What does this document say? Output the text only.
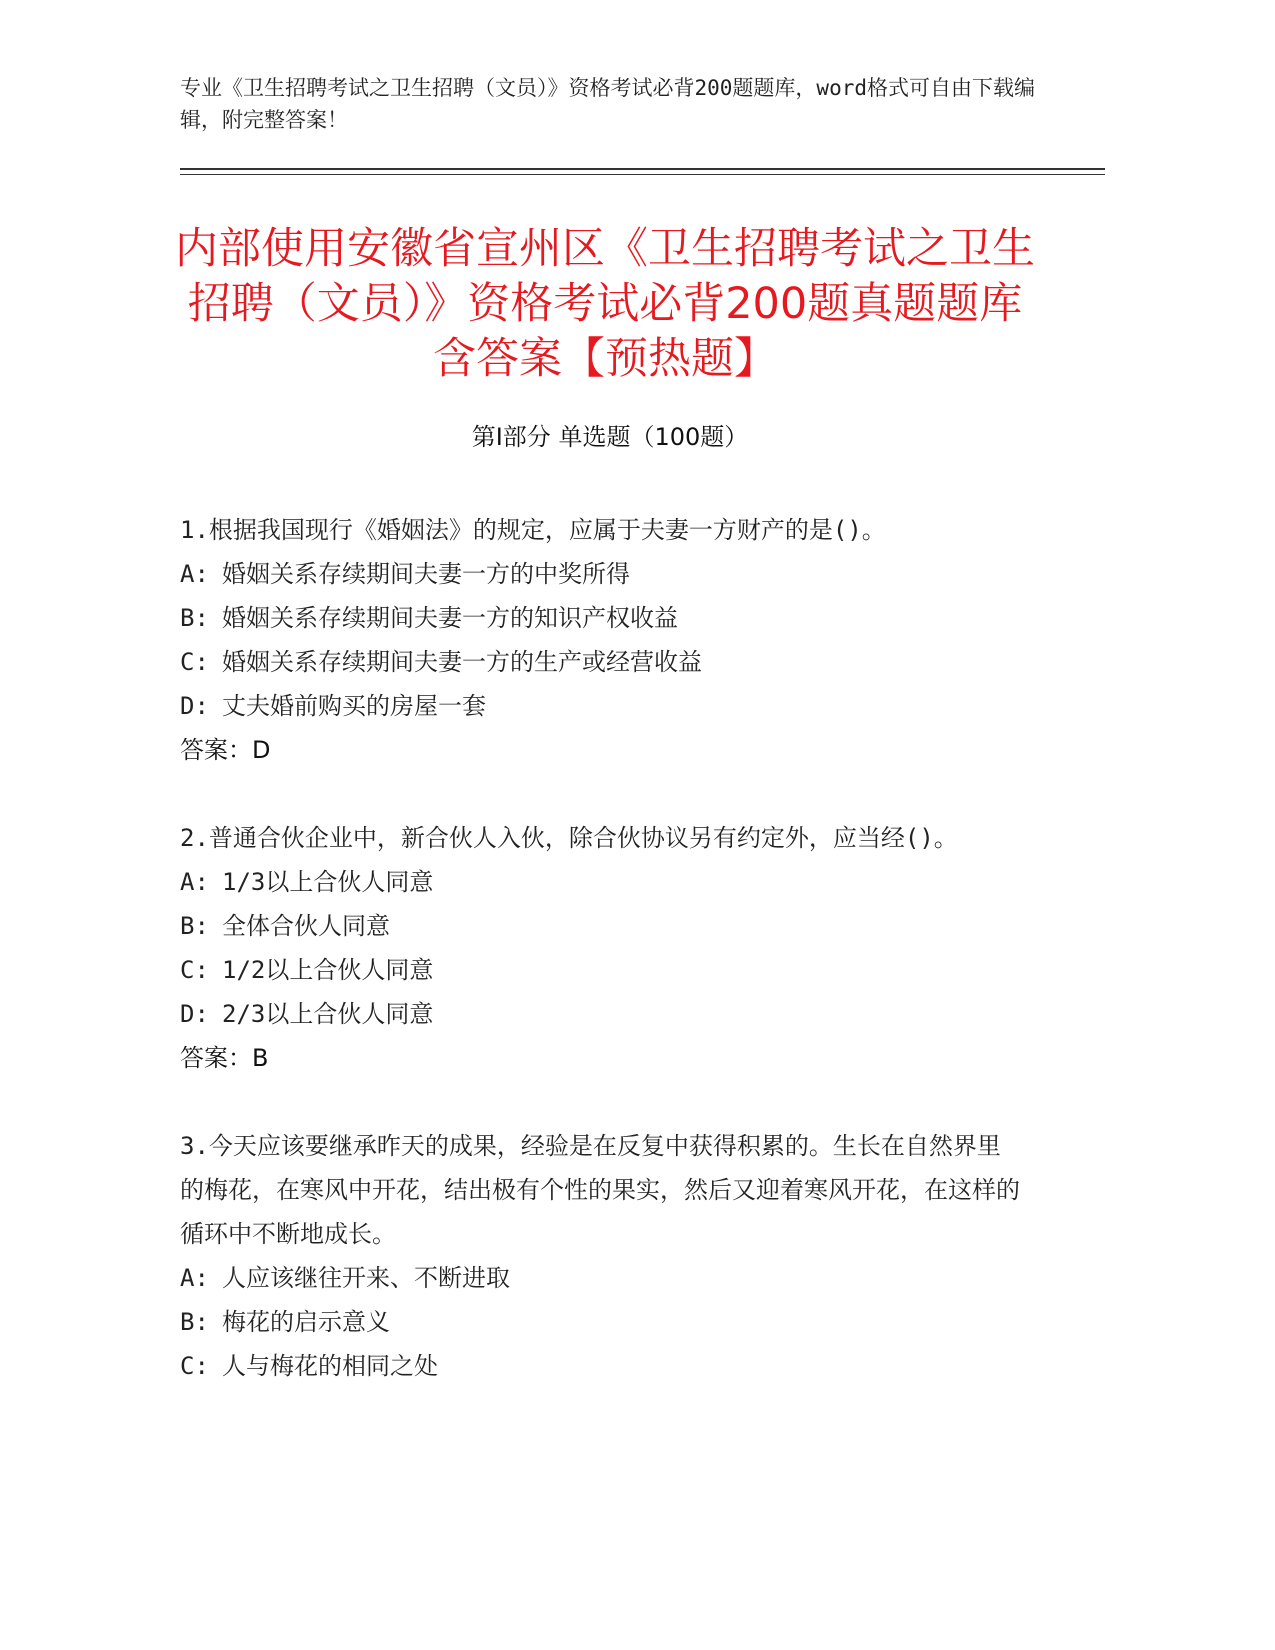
专业《卫生招聘考试之卫生招聘（文员）》资格考试必背200题题库，word格式可自由下载编辑，附完整答案！
内部使用安徽省宣州区《卫生招聘考试之卫生招聘（文员）》资格考试必背200题真题题库含答案【预热题】
第Ⅰ部分 单选题（100题）

1.根据我国现行《婚姻法》的规定，应属于夫妻一方财产的是()。

A: 婚姻关系存续期间夫妻一方的中奖所得

B: 婚姻关系存续期间夫妻一方的知识产权收益

C: 婚姻关系存续期间夫妻一方的生产或经营收益

D: 丈夫婚前购买的房屋一套

答案：D

2.普通合伙企业中，新合伙人入伙，除合伙协议另有约定外，应当经()。

A: 1/3以上合伙人同意

B: 全体合伙人同意

C: 1/2以上合伙人同意

D: 2/3以上合伙人同意

答案：B

3.今天应该要继承昨天的成果，经验是在反复中获得积累的。生长在自然界里的梅花，在寒风中开花，结出极有个性的果实，然后又迎着寒风开花，在这样的循环中不断地成长。

A: 人应该继往开来、不断进取

B: 梅花的启示意义

C: 人与梅花的相同之处
